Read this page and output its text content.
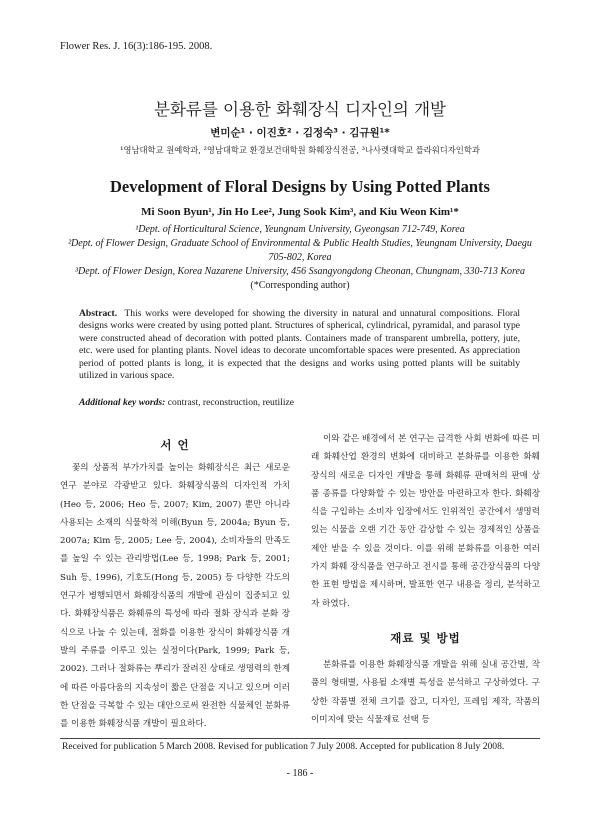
Flower Res. J. 16(3):186-195. 2008.
분화류를 이용한 화훼장식 디자인의 개발
변미순¹ · 이진호² · 김정숙³ · 김규원¹*
¹영남대학교 원예학과, ²영남대학교 환경보건대학원 화훼장식전공, ³나사렛대학교 플라워디자인학과
Development of Floral Designs by Using Potted Plants
Mi Soon Byun¹, Jin Ho Lee², Jung Sook Kim³, and Kiu Weon Kim¹*
¹Dept. of Horticultural Science, Yeungnam University, Gyeongsan 712-749, Korea
²Dept. of Flower Design, Graduate School of Environmental & Public Health Studies, Yeungnam University, Daegu 705-802, Korea
³Dept. of Flower Design, Korea Nazarene University, 456 Ssangyongdong Cheonan, Chungnam, 330-713 Korea
(*Corresponding author)
Abstract. This works were developed for showing the diversity in natural and unnatural compositions. Floral designs works were created by using potted plant. Structures of spherical, cylindrical, pyramidal, and parasol type were constructed ahead of decoration with potted plants. Containers made of transparent umbrella, pottery, jute, etc. were used for planting plants. Novel ideas to decorate uncomfortable spaces were presented. As appreciation period of potted plants is long, it is expected that the designs and works using potted plants will be suitably utilized in various space.
Additional key words: contrast, reconstruction, reutilize
서 언

꽃의 상품적 부가가치를 높이는 화훼장식은 최근 새로운 연구 분야로 각광받고 있다. 화훼장식품의 디자인적 가치(Heo 등, 2006; Heo 등, 2007; Kim, 2007) 뿐만 아니라 사용되는 소재의 식물학적 이해(Byun 등, 2004a; Byun 등, 2007a; Kim 등, 2005; Lee 등, 2004), 소비자들의 만족도를 높일 수 있는 관리방법(Lee 등, 1998; Park 등, 2001; Suh 등, 1996), 기호도(Hong 등, 2005) 등 다양한 각도의 연구가 병행되면서 화훼장식품의 개발에 관심이 집중되고 있다. 화훼장식품은 화훼류의 특성에 따라 절화 장식과 분화 장식으로 나눌 수 있는데, 절화를 이용한 장식이 화훼장식품 개발의 주류를 이루고 있는 실정이다(Park, 1999; Park 등, 2002). 그러나 절화류는 뿌리가 잘려진 상태로 생명력의 한계에 따른 아름다움의 지속성이 짧은 단점을 지니고 있으며 이러한 단점을 극복할 수 있는 대안으로써 완전한 식물체인 분화류를 이용한 화훼장식품 개발이 필요하다.

이와 같은 배경에서 본 연구는 급격한 사회 변화에 따른 미래 화훼산업 환경의 변화에 대비하고 분화류를 이용한 화훼 장식의 새로운 디자인 개발을 통해 화훼류 판매처의 판매 상품 종류를 다양화할 수 있는 방안을 마련하고자 한다. 화훼장식을 구입하는 소비자 입장에서도 인위적인 공간에서 생명력 있는 식물을 오랜 기간 동안 감상할 수 있는 경제적인 상품을 제안 받을 수 있을 것이다. 이를 위해 분화류를 이용한 여러 가지 화훼 장식품을 연구하고 전시를 통해 공간장식품의 다양한 표현 방법을 제시하며, 발표한 연구 내용을 정리, 분석하고자 하였다.

재료 및 방법

분화류를 이용한 화훼장식품 개발을 위해 실내 공간별, 작품의 형태별, 사용될 소재별 특성을 분석하고 구상하였다. 구상한 작품별 전체 크기를 잡고, 디자인, 프레임 제작, 작품의 이미지에 맞는 식물재료 선택 등

Received for publication 5 March 2008. Revised for publication 7 July 2008. Accepted for publication 8 July 2008.
- 186 -
